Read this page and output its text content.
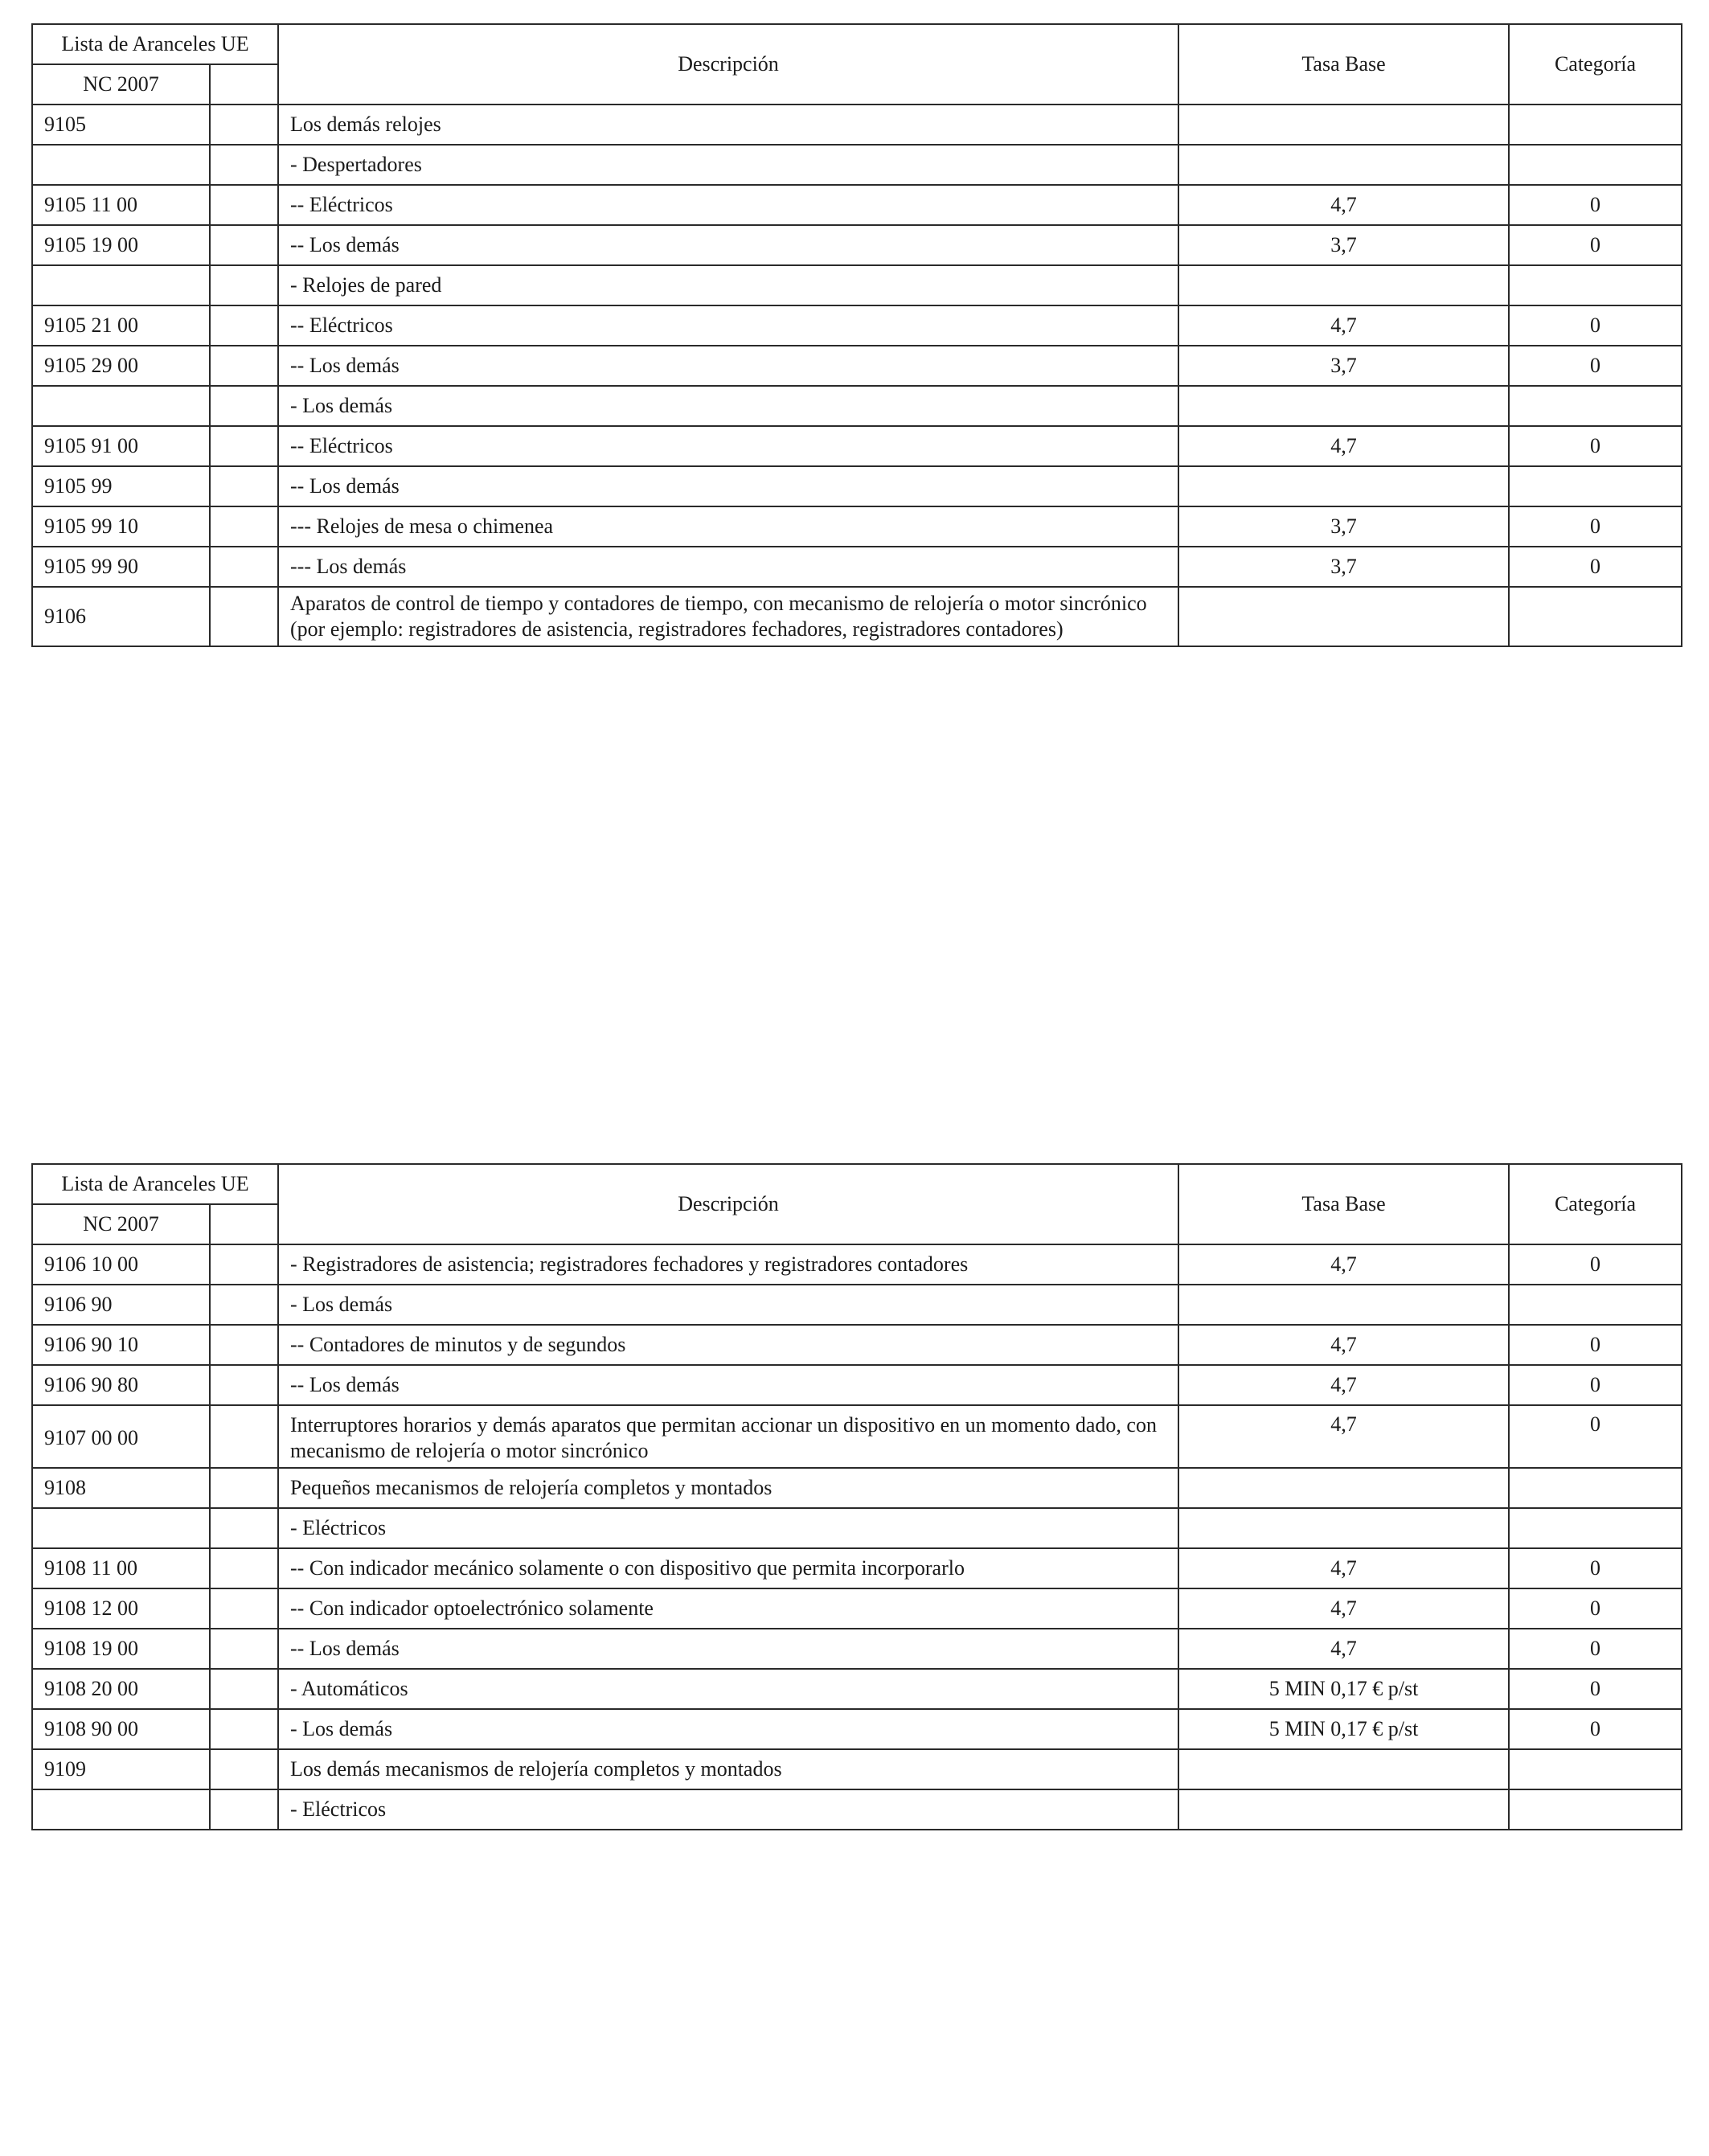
Lista de Aranceles UE		Descripción	Tasa Base	Categoría
NC 2007				
9105		Los demás relojes		
		- Despertadores		
9105 11 00		-- Eléctricos	4,7	0
9105 19 00		-- Los demás	3,7	0
		- Relojes de pared		
9105 21 00		-- Eléctricos	4,7	0
9105 29 00		-- Los demás	3,7	0
		- Los demás		
9105 91 00		-- Eléctricos	4,7	0
9105 99		-- Los demás		
9105 99 10		--- Relojes de mesa o chimenea	3,7	0
9105 99 90		--- Los demás	3,7	0
9106		Aparatos de control de tiempo y contadores de tiempo, con mecanismo de relojería o motor sincrónico (por ejemplo: registradores de asistencia, registradores fechadores, registradores contadores)		
Lista de Aranceles UE		Descripción	Tasa Base	Categoría
NC 2007				
9106 10 00		- Registradores de asistencia; registradores fechadores y registradores contadores	4,7	0
9106 90		- Los demás		
9106 90 10		-- Contadores de minutos y de segundos	4,7	0
9106 90 80		-- Los demás	4,7	0
9107 00 00		Interruptores horarios y demás aparatos que permitan accionar un dispositivo en un momento dado, con mecanismo de relojería o motor sincrónico	4,7	0
9108		Pequeños mecanismos de relojería completos y montados		
		- Eléctricos		
9108 11 00		-- Con indicador mecánico solamente o con dispositivo que permita incorporarlo	4,7	0
9108 12 00		-- Con indicador optoelectrónico solamente	4,7	0
9108 19 00		-- Los demás	4,7	0
9108 20 00		- Automáticos	5 MIN 0,17 € p/st	0
9108 90 00		- Los demás	5 MIN 0,17 € p/st	0
9109		Los demás mecanismos de relojería completos y montados		
		- Eléctricos		
